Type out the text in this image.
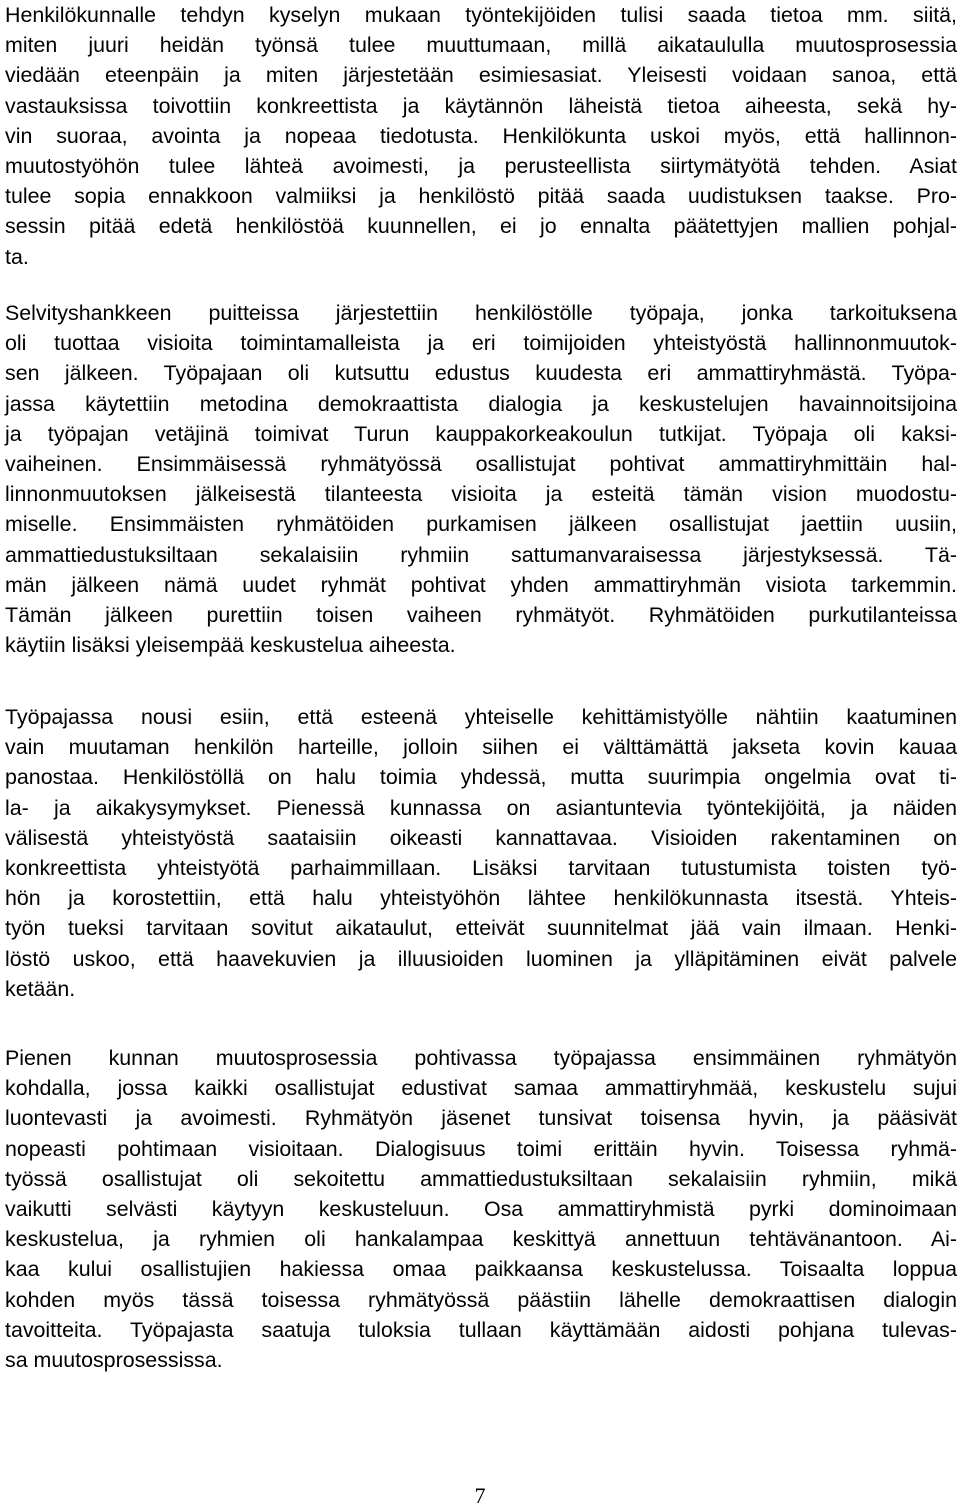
Henkilökunnalle tehdyn kyselyn mukaan työntekijöiden tulisi saada tietoa mm. siitä,
miten juuri heidän työnsä tulee muuttumaan, millä aikataululla muutosprosessia
viedään eteenpäin ja miten järjestetään esimiesasiat. Yleisesti voidaan sanoa, että
vastauksissa toivottiin konkreettista ja käytännön läheistä tietoa aiheesta, sekä hy-
vin suoraa, avointa ja nopeaa tiedotusta. Henkilökunta uskoi myös, että hallinnon-
muutostyöhön tulee lähteä avoimesti, ja perusteellista siirtymätyötä tehden. Asiat
tulee sopia ennakkoon valmiiksi ja henkilöstö pitää saada uudistuksen taakse. Pro-
sessin pitää edetä henkilöstöä kuunnellen, ei jo ennalta päätettyjen mallien pohjal-
ta.
Selvityshankkeen puitteissa järjestettiin henkilöstölle työpaja, jonka tarkoituksena
oli tuottaa visioita toimintamalleista ja eri toimijoiden yhteistyöstä hallinnonmuutok-
sen jälkeen. Työpajaan oli kutsuttu edustus kuudesta eri ammattiryhmästä. Työpa-
jassa käytettiin metodina demokraattista dialogia ja keskustelujen havainnoitsijoina
ja työpajan vetäjinä toimivat Turun kauppakorkeakoulun tutkijat. Työpaja oli kaksi-
vaiheinen. Ensimmäisessä ryhmätyössä osallistujat pohtivat ammattiryhmittäin hal-
linnonmuutoksen jälkeisestä tilanteesta visioita ja esteitä tämän vision muodostu-
miselle. Ensimmäisten ryhmätöiden purkamisen jälkeen osallistujat jaettiin uusiin,
ammattiedustuksiltaan sekalaisiin ryhmiin sattumanvaraisessa järjestyksessä. Tä-
män jälkeen nämä uudet ryhmät pohtivat yhden ammattiryhmän visiota tarkemmin.
Tämän jälkeen purettiin toisen vaiheen ryhmätyöt. Ryhmätöiden purkutilanteissa
käytiin lisäksi yleisempää keskustelua aiheesta.
Työpajassa nousi esiin, että esteenä yhteiselle kehittämistyölle nähtiin kaatuminen
vain muutaman henkilön harteille, jolloin siihen ei välttämättä jakseta kovin kauaa
panostaa. Henkilöstöllä on halu toimia yhdessä, mutta suurimpia ongelmia ovat ti-
la- ja aikakysymykset. Pienessä kunnassa on asiantuntevia työntekijöitä, ja näiden
välisestä yhteistyöstä saataisiin oikeasti kannattavaa. Visioiden rakentaminen on
konkreettista yhteistyötä parhaimmillaan. Lisäksi tarvitaan tutustumista toisten työ-
hön ja korostettiin, että halu yhteistyöhön lähtee henkilökunnasta itsestä. Yhteis-
työn tueksi tarvitaan sovitut aikataulut, etteivät suunnitelmat jää vain ilmaan. Henki-
löstö uskoo, että haavekuvien ja illuusioiden luominen ja ylläpitäminen eivät palvele
ketään.
Pienen kunnan muutosprosessia pohtivassa työpajassa ensimmäinen ryhmätyön
kohdalla, jossa kaikki osallistujat edustivat samaa ammattiryhmää, keskustelu sujui
luontevasti ja avoimesti. Ryhmätyön jäsenet tunsivat toisensa hyvin, ja pääsivät
nopeasti pohtimaan visioitaan. Dialogisuus toimi erittäin hyvin. Toisessa ryhmä-
työssä osallistujat oli sekoitettu ammattiedustuksiltaan sekalaisiin ryhmiin, mikä
vaikutti selvästi käytyyn keskusteluun. Osa ammattiryhmistä pyrki dominoimaan
keskustelua, ja ryhmien oli hankalampaa keskittyä annettuun tehtävänantoon. Ai-
kaa kului osallistujien hakiessa omaa paikkaansa keskustelussa. Toisaalta loppua
kohden myös tässä toisessa ryhmätyössä päästiin lähelle demokraattisen dialogin
tavoitteita. Työpajasta saatuja tuloksia tullaan käyttämään aidosti pohjana tulevas-
sa muutosprosessissa.
7
